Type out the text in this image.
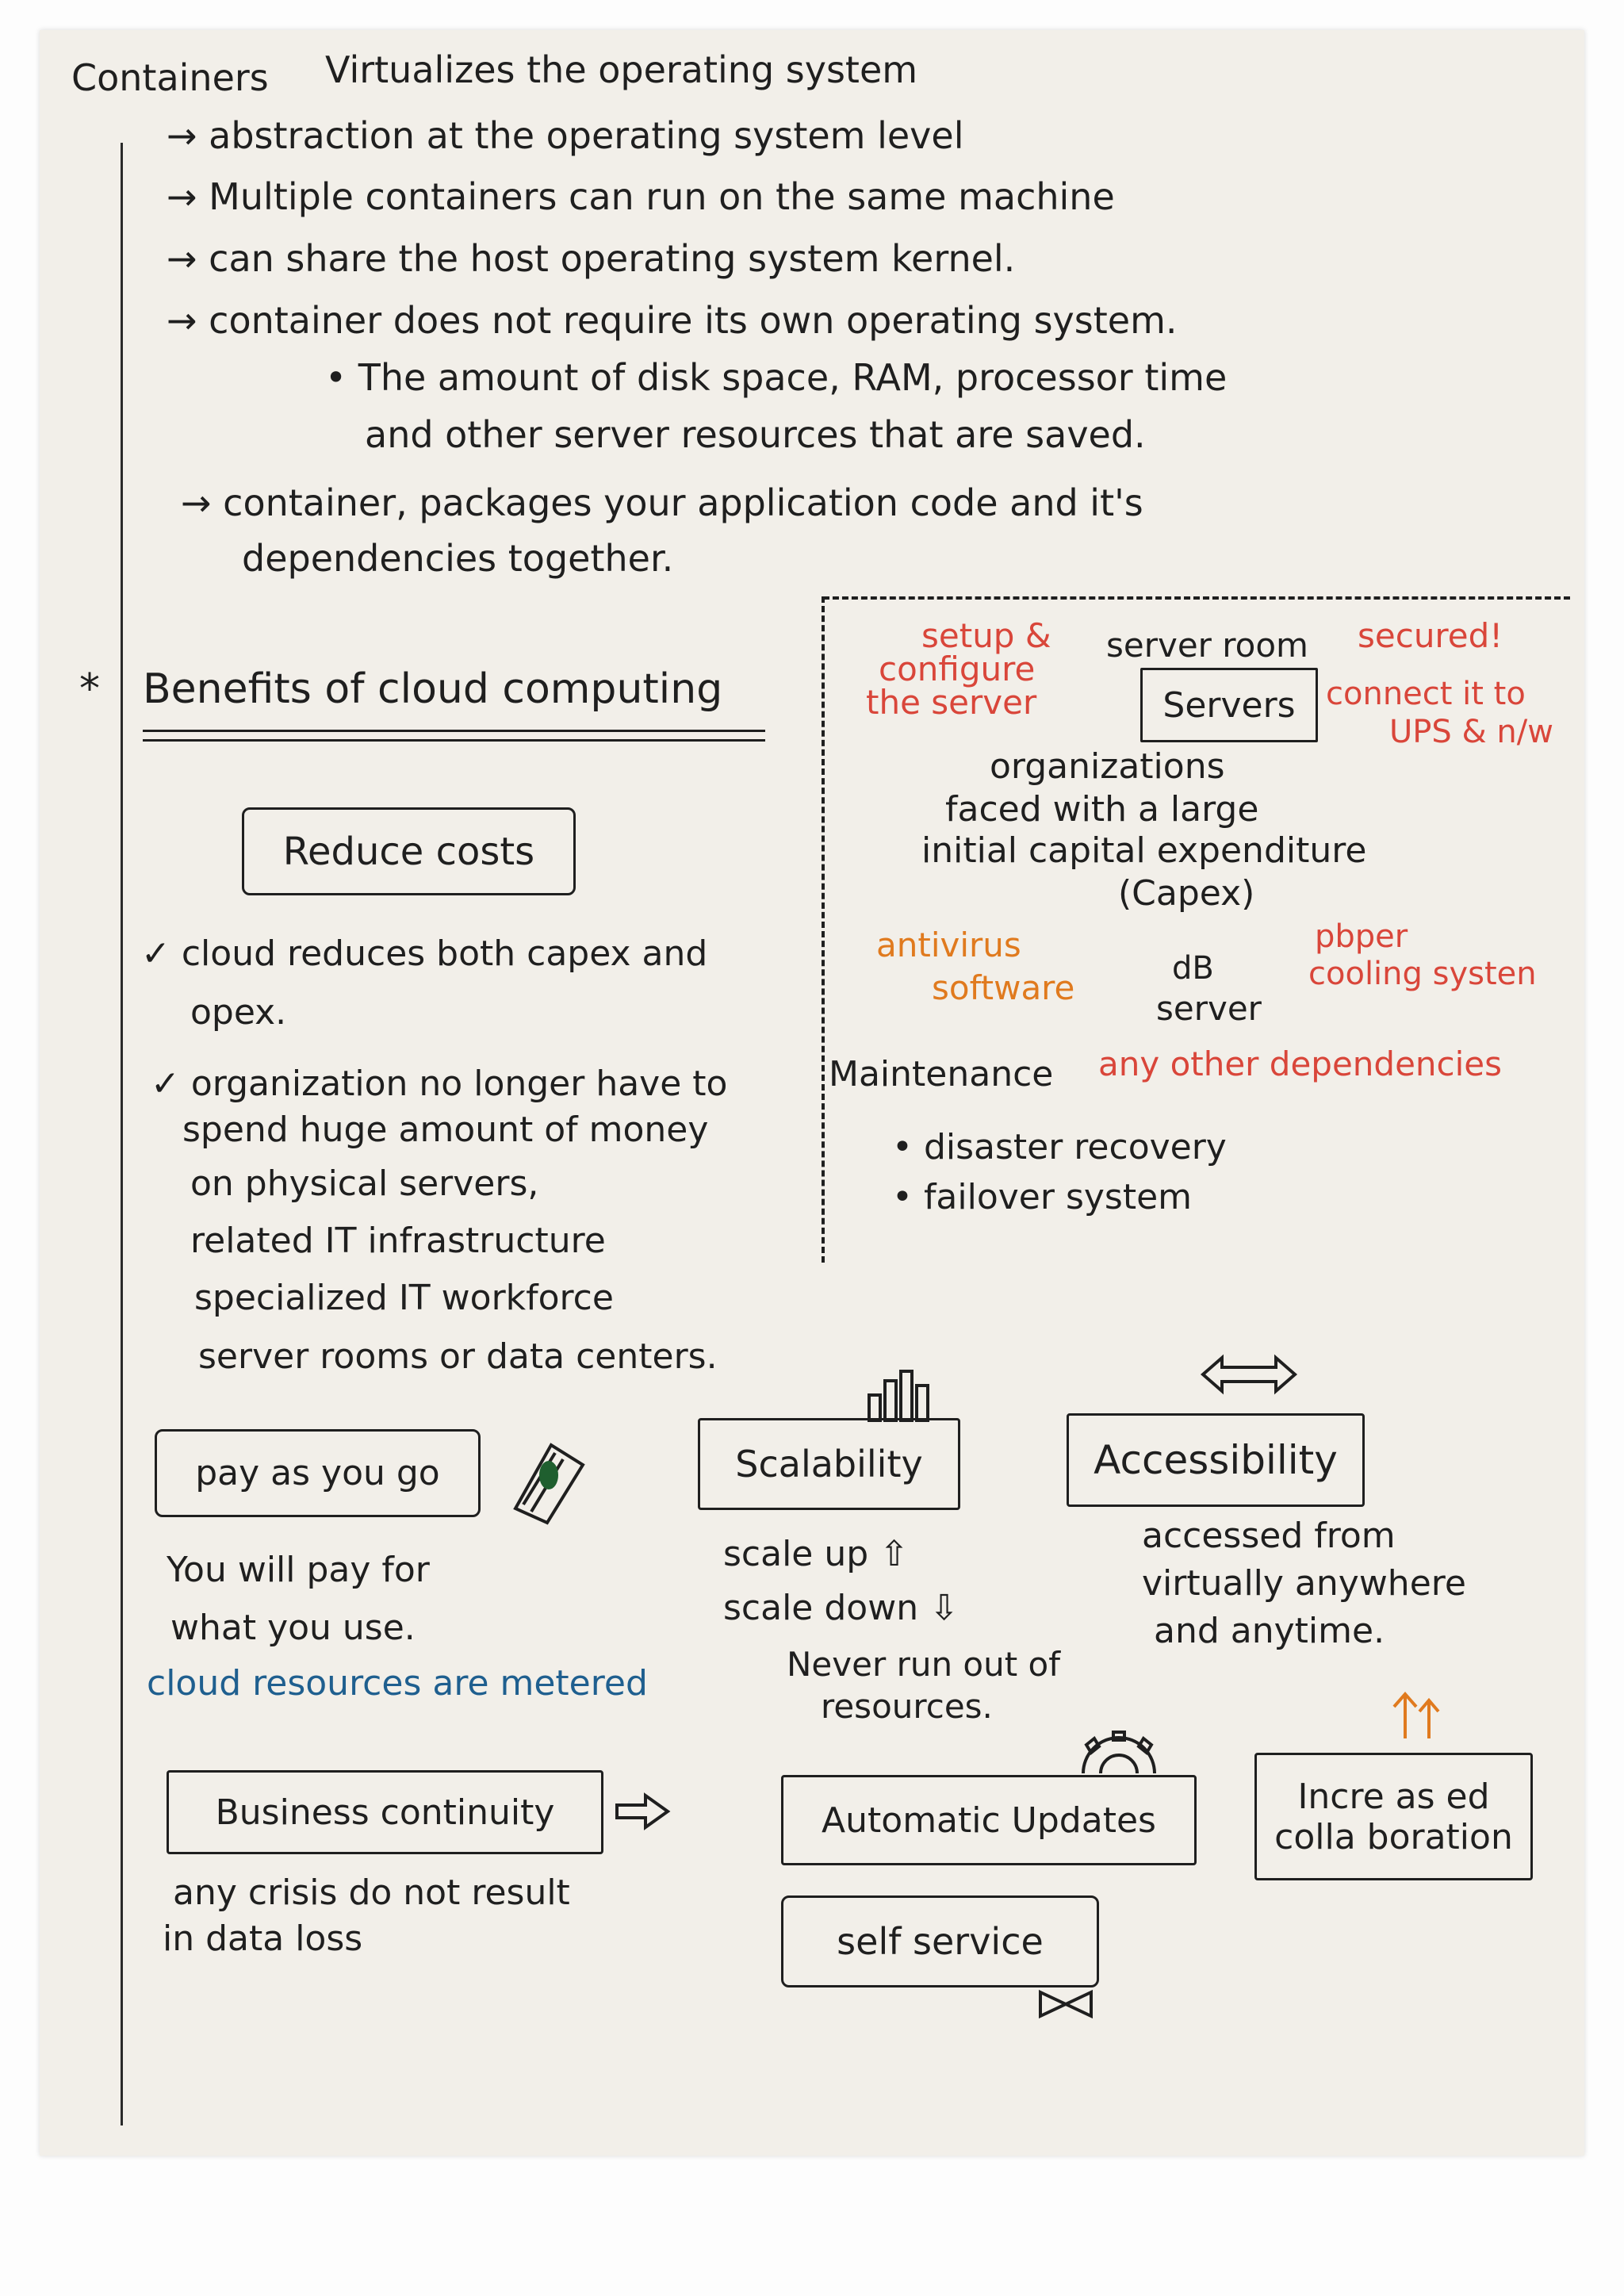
Containers Virtualizes the operating system
→ abstraction at the operating system level
→ Multiple containers can run on the same machine
→ can share the host operating system kernel.
→ container does not require its own operating system.
• The amount of disk space, RAM, processor time
and other server resources that are saved.
→ container, packages your application code and it's
dependencies together.
* Benefits of cloud computing
Reduce costs
✓ cloud reduces both capex and
opex.
✓ organization no longer have to
spend huge amount of money
on physical servers,
related IT infrastructure
specialized IT workforce
server rooms or data centers.
setup &
configure
the server
server room secured!
Servers connect it to
UPS & n/w
organizations
faced with a large
initial capital expenditure
(Capex)
antivirus
software	dB
server
pbper
cooling systen
Maintenance any other dependencies
• disaster recovery
• failover system
pay as you go	Scalability	Accessibility
You will pay for
what you use.
cloud resources are metered
scale up ⇧
scale down ⇩
Never run out of
resources.
accessed from
virtually anywhere
and anytime.
Business continuity
any crisis do not result
in data loss
Automatic Updates
Incre as ed
colla boration
self service
